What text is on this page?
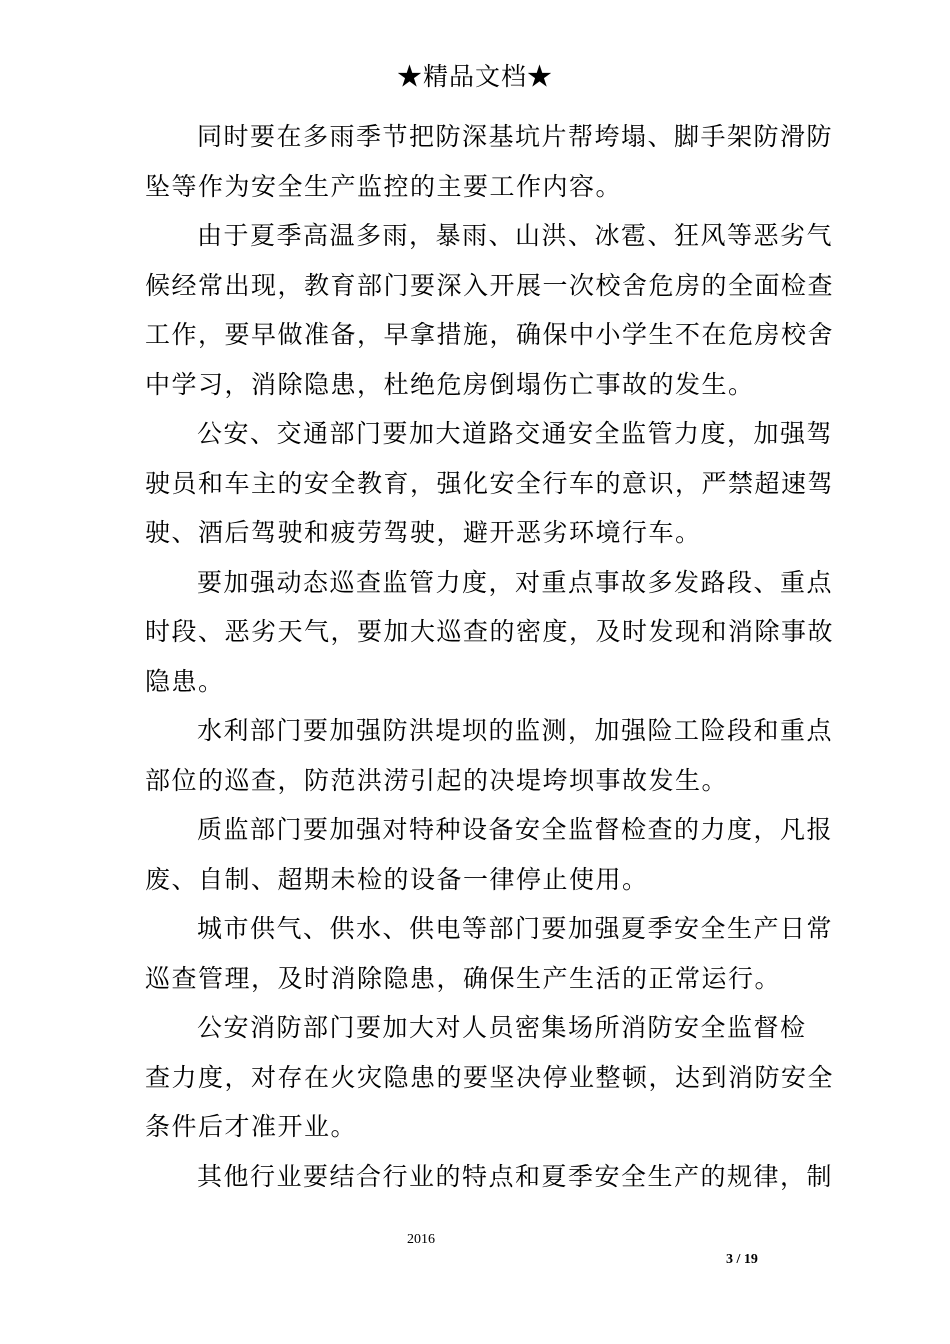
★精品文档★
同时要在多雨季节把防深基坑片帮垮塌、脚手架防滑防
坠等作为安全生产监控的主要工作内容。
由于夏季高温多雨，暴雨、山洪、冰雹、狂风等恶劣气
候经常出现，教育部门要深入开展一次校舍危房的全面检查
工作，要早做准备，早拿措施，确保中小学生不在危房校舍
中学习，消除隐患，杜绝危房倒塌伤亡事故的发生。
公安、交通部门要加大道路交通安全监管力度，加强驾
驶员和车主的安全教育，强化安全行车的意识，严禁超速驾
驶、酒后驾驶和疲劳驾驶，避开恶劣环境行车。
要加强动态巡查监管力度，对重点事故多发路段、重点
时段、恶劣天气，要加大巡查的密度，及时发现和消除事故
隐患。
水利部门要加强防洪堤坝的监测，加强险工险段和重点
部位的巡查，防范洪涝引起的决堤垮坝事故发生。
质监部门要加强对特种设备安全监督检查的力度，凡报
废、自制、超期未检的设备一律停止使用。
城市供气、供水、供电等部门要加强夏季安全生产日常
巡查管理，及时消除隐患，确保生产生活的正常运行。
公安消防部门要加大对人员密集场所消防安全监督检
查力度，对存在火灾隐患的要坚决停业整顿，达到消防安全
条件后才准开业。
其他行业要结合行业的特点和夏季安全生产的规律，制
2016
3 / 19
